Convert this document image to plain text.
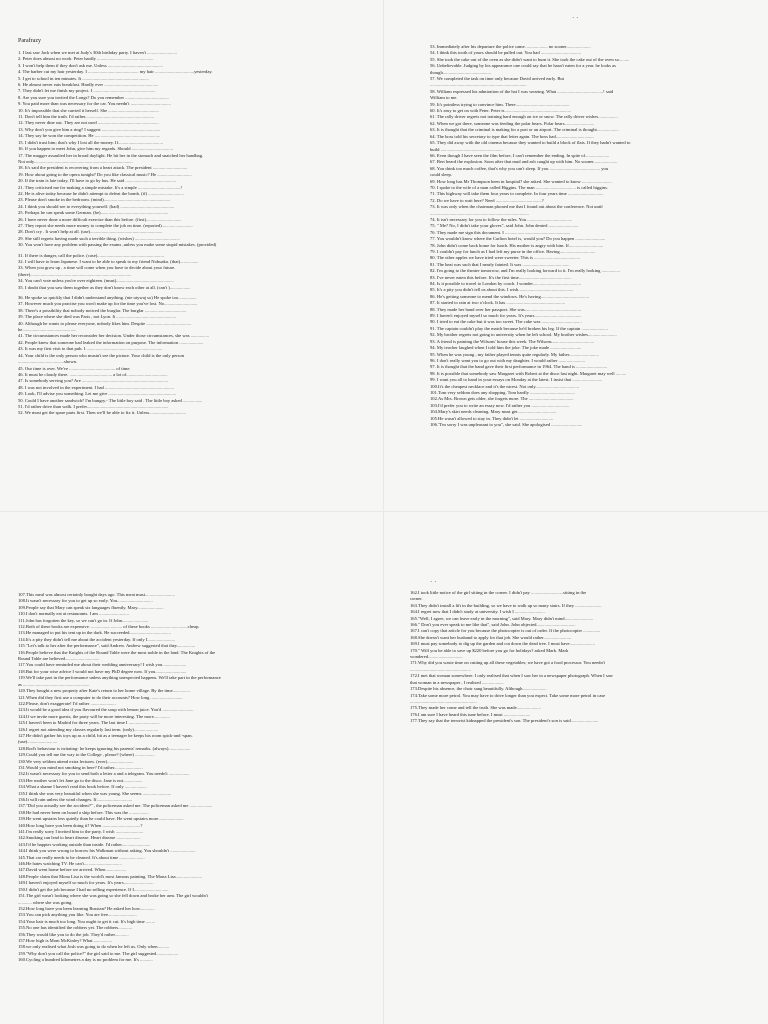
Parafrazy
1. I last saw Jack when we met at Judy's 30th birthday party. I haven't ..........................
2. Peter does almost no work. Peter hardly .................................................
3. I won't help them if they don't ask me. Unless ................................................
4. The barber cut my hair yesterday. I ............................................ my hair ..................................yesterday.
5. I get to school in ten minutes. It ..........................................................
6. He almost never eats breakfast. Hardly ever ...............................................
7. They didn't let me finish my project. I ......................................................
8. Are you sure you invited the Longs? Do you remember ......................................
9. You paid more than was necessary for the car. You needn't ...................................
10. It's impossible that she carried it herself. She ............................................
11. Don't tell him the truth. I'd rather............................................................
12. They never dine out. They are not used .....................................................
13. Why don't you give him a ring? I suggest ...................................................
14. They say he won the competition. He .........................................................
15. I didn't trust him; that's why I lost all the money. If.......................................
16. If you happen to meet John, give him my regards. Should ....................................
17. The mugger assaulted her in broad daylight. He hit her in the stomach and snatched her handbag.
Not only......................................................................................
18. It's said the president is recovering from a heart attack. The president ..............................
19. How about going to the opera tonight? Do you like classical music? He ..............................
20. If the train is late today, I'll have to go by bus. He said ............................................
21. They criticised me for making a simple mistake. It's a simple .....................................!
22. He is alive today because he didn't attempt to defeat the bomb. (if) ...............................
23. Please don't smoke in the bedroom. (mind)..........................................................
24. I think you should see to everything yourself. (had) ...............................................
25. Perhaps he can speak some German. (be)...........................................................
26. I have never done a more difficult exercise than this before. (first)...............................
27. They report she needs more money to complete the job on time. (reported)...........................
28. Don't cry . It won't help at all. (use)...............................................................
29. She still regrets having made such a terrible thing. (wishes) .......................................
30. You won't have any problem with passing the exams ,unless you make some stupid mistakes. (provided)
31. If there is danger, call the police. (case)..........................................................
32. I will have to learn Japanese. I want to be able to speak to my friend Nobuaka. (that)................
33. When you grow up , a time will come when you have to decide about your future.
(there)........................................................................................
34. You can't vote unless you're over eighteen. (must)..................................................
35. I doubt that you saw them together as they don't know each other at all. (can't )..................
36. He spoke so quickly that I didn't understand anything. (nie utywaj so) He spoke too................
37. However much you practise you won't make up for the time you've lost. No.............................
38. There's a possibility that nobody noticed the burglar. The burglar ....................................
39. The place where she died was Paris , not Lyon. It ....................................................
40. Although he wants to please everyone, nobody likes him. Despite .......................................
he...............................................
41. The circumstances made her reconsider her decision. Under those circumstances, she was ................
42. People knew that someone had leaked the information on purpose. The information .....................
43. It was my first visit to that pub. I ..................................................................
44. Your child is the only person who mustn't see the picture. Your child is the only person
........................................shown.
45. Our time is over. We've ........................................ of time.
46. It must be cloudy there. ..................................... a lot of....................................
47. Is somebody serving you? Are ...........................................................................
48. I was not involved in the experiment. I had ............................................................
49. Look, I'll advise you something. Let me give ...........................................................
50. Could I have another sandwich? I'm hungry.- The little boy said . The little boy asked .................
51. I'd rather drive than walk. I prefer.......................................................................
52. We must get the spare parts first. Then we'll be able to fix it. Unless................................
· ·
53. Immediately after his departure the police came. .................. no sooner.....................
54. I think this tooth of yours should be pulled out. You had ...................................
55. She took the cake out of the oven as she didn't want to burn it. She took the cake out of the oven so.........
56. Unbelievable. Judging by his appearance one could say that he hasn't eaten for a year. he looks as
though..........................................
57. We completed the task on time only because David arrived early. But
....................................................................................
58. William expressed his admiration of the hat I was wearing. What ........................................! said
William to me.
59. It's pointless trying to convince him. There...............................................
60. It's easy to get on with Peter. Peter is..........................................................
61. The rally driver regrets not training hard enough on ice or snow. The rally driver wishes.................
62. When we got there, someone was feeding the polar bears. Polar bears..........................
63. It is thought that the criminal is making for a port or an airport. The criminal is thought...................
64. The boss told his secretary to type that letter again. The boss had.................................
65. They did away with the old cinema because they wanted to build a block of flats. If they hadn't wanted to
build ......................................................
66. Even though I have seen the film before, I can't remember the ending. In spite of.....................
67. Bert heard the explosion. Soon after that mud and ash caught up with him. No sooner.....................
68. You drink too much coffee, that's why you can't sleep. If you ............................................ you
could sleep.
69. How long has Mr Thompson been in hospital? she asked. She wanted to know ..........................
70. I spoke to the wife of a man called Higgins. The man ................................... is called higgins.
71. This highway will take them four years to complete. In four years time ...............................
72. Do we have to wait here? Need ........................................?
73. It was only when the chairman phoned me that I found out about the conference. Not until
......................................................................................
74. It isn't necessary for you to follow the rules. You .......................................
75. " Me? No, I didn't take your gloves", said John. John denied ..........................
76. They made me sign this document. I .........................................................
77. You wouldn't know where the Carlton hotel is, would you? Do you happen ..........................
78. John didn't come back home for lunch. His mother is angry with him. If..............................
79. I couldn't pay for lunch as I had left my purse in the office. Having...............................
80. The other apples we have tried were sweeter. This is ........................................
81. The heat was such that I nearly fainted. It was .........................................
82. I'm going to the theatre tomorrow, and I'm really looking forward to it. I'm really looking ................
83. I've never eaten this before. It's the first time..............................................
84. Is it possible to travel to London by coach. I wonder..........................................
85. It's a pity you didn't tell us about this. I wish................................................
86. He's getting someone to mend the windows. He's having..........................................
87. It started to rain at two o'clock. It has ...................................................
88. They made her hand over her passport. She was.................................................
89. I haven't enjoyed myself so much for years. It's years.........................................
90. I tried to eat the cake but it was too sweet. The cake was ...................................
91. The captain couldn't play the match because he'd broken his leg. If the captain .......................
92. My brother regrets not going to university when he left school. My brother wishes.........................
93. A friend is painting the Wilsons' house this week. The Wilsons.....................................
94. My teacher laughed when I told him the joke. The joke made ...........................
95. When he was young , my father played tennis quite regularly. My father..........................
96. I don't really want you to go out with my daughter. I would rather .......................
97. It is thought that the band gave their first performance in 1964. The band is ...........................
98. It is possible that somebody saw Margaret with Robert at the disco last night. Margaret may well .........
99. I want you all to hand in your essays on Monday at the latest. I insist that ..........................
100.It's the cheapest necklace and it's the nicest. Not only......................................
101.Tom very seldom does any shopping. Tom hardly .......................................
102.As Mrs. Brown gets older, she forgets more. The .......................................
103.I'd prefer you to write an essay now. I'd rather you .................................
104.Mary's skirt needs cleaning. Mary must get..................................
105.He wasn't allowed to stay in. They didn't let .............................
106."I'm sorry I was unpleasant to you", she said. She apologised ...........................
107.This meal was almost certainly bought days ago. This meat must..........................
108.It wasn't necessary for you to get up so early. You...............................
109.People say that Mary can speak six languages fluently. Mary.......................
110.I don't normally eat at restaurants. I am ..........................
111.John has forgotten the key, so we can't go in. If John.......................
112.Both of these books are expensive. ........................... of these books ................................cheap.
113.He managed to put his tent up in the dark. He succeeded....................................
114.It's a pity they didn't tell me about the accident yesterday. If only I........................
115."Let's talk to her after the performance", said Andrew. Andrew suggested that they................
116.People believe that the Knights of the Round Table were the most noble in the land. The Knights of the
Round Table are believed..............................
117.You could have reminded me about their wedding anniversary! I wish you.....................
118.But for your wise advice I would not have my PhD degree now. If you...........................
119.We'll take part in the performance unless anything unexpected happens. We'll take part in the performance
as ..........................................................
120.They bought a new property after Kate's return to her home village. By the time...............
121.When did they first use a computer to do their accounts? How long ............................
122.Please, don't exaggerate! I'd rather ......................
123.It would be a good idea if you flavoured the soup with lemon juice. You'd ...........................
124.If we invite more guests, the party will be more interesting. The more..............
125.I haven't been to Madrid for three years. The last time I ...........................
126.I regret not attending my classes regularly last term. (only).....................
127.He didn't gather his toys up as a child, bit as a teenager he keeps his room spick-and -span.
(use)..........................
128.Rod's behaviour is irritating- he keeps ignoring his parents' remarks. (always)...................
129.Could you tell me the way to the College , please? (where) .................
130.We very seldom attend extra lectures. (ever).......................
131.Would you mind not smoking in here? I'd rather.........................
132.It wasn't necessary for you to send both a letter a and a telegram. You needn't ..................
133.Her mother won't let Jane go to the disco. Jane is not.................
134.What a shame I haven't read this book before. If only ...................
135.I think she was very beautiful when she was young. She seems .........................
136.It will rain unless the wind changes. If...............................
137."Did you actually see the accident?" , the policeman asked me. The policeman asked me ....................
138.He had never been on board a ship before. This was the .................
139.He went upstairs less quietly than he could have. He went upstairs more......................
140.How long have you been doing it? When .................................?
141.I'm really sorry I invited him to the party. I wish ........................
142.Smoking can lead to heart disease. Heart disease .....................
143.I'd be happier working outside than inside. I'd rather.........................
144.I think you were wrong to borrow his Walkman without asking. You shouldn't ......................
145.That car really needs to be cleaned. It's about time ......................
146.He hates watching TV. He can't.................................
147.David went home before we arrived. When..................
148.People claim that Mona Lisa is the world's most famous painting. The Mona Lisa.......................
149.I haven't enjoyed myself so much for years. It's years..........................
150.I didn't get the job because I had no selling experience. If I..............................
151.The girl wasn't looking where she was going so she fell down and broke her arm. The girl wouldn't
............ where she was going.
152.How long have you been learning Russian? He asked her how.............
153.You can pick anything you like. You are free.........................
154.Your hair is much too long. You ought to get it cut. It's high time ........
155.No one has identified the robbers yet. The robbers............
156.They would like you to do the job. They'd rather............
157.How high is Mont McKinley? What.................
158.we only realised what Josh was going to do when he left us. Only when..........
159."Why don't you call the police?" the girl said to me. The girl suggested...................
160.Cycling a hundred kilometres a day is no problem for me. It's ...........
· ·
162.I took little notice of the girl sitting in the corner. I didn't pay ............................sitting in the
corner.
163.They didn't install a lift in the building, so we have to walk up so many stairs. If they .......................
164.I regret now that I didn't study at university. I wish I ..........................
165."Well, I agree, we can leave early in the morning", said Mary. Mary didn't mind.........................
166." Don't you ever speak to me like that", said John. John objected..................................
167.I can't copy that article for you because the photocopier is out of order. If the photocopier ...............
168.She doesn't want her husband to apply for that job. She would rather........................
169.I must pay somebody to dig up the garden and cut down the dead tree. I must have......................
170." Will you be able to save up $220 before you go for holidays? asked Mark. Mark
wondered..............................
171.Why did you waste time on cutting up all these vegetables; we have got a food processor. You needn't
.....................................................
172.I met that woman somewhere. I only realised that when I saw her in a newspaper photograph. When I saw
that woman in a newspaper , I realised ...................
173.Despite his absence, the choir sang beautifully. Although.....................
174.Take some more petrol. You may have to drive longer than you expect. Take some more petrol in case
..........................................................
175.They made her come and tell the truth. She was made.....................
176.I am sure I have heard this tune before. I must .......................
177.They say that the terrorist kidnapped the president's son. The president's son is said........................
